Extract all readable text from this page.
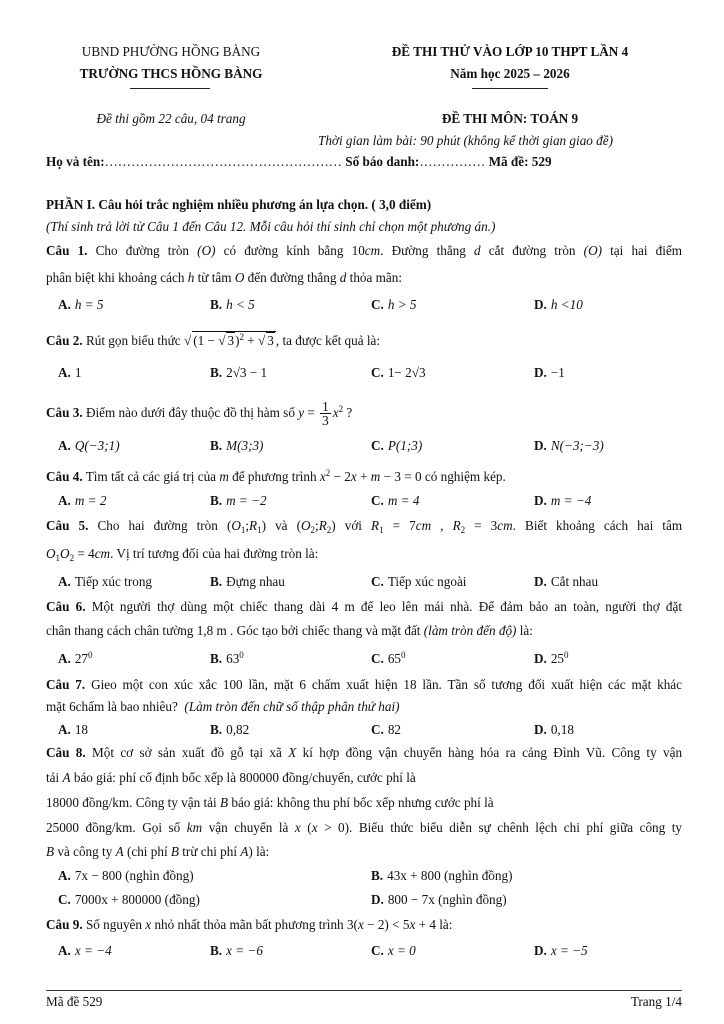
UBND PHƯỜNG HỒNG BÀNG
TRƯỜNG THCS HỒNG BÀNG
ĐỀ THI THỬ VÀO LỚP 10 THPT LẦN 4
Năm học 2025 – 2026
Đề thi gồm 22 câu, 04 trang	ĐỀ THI MÔN: TOÁN 9
Thời gian làm bài: 90 phút (không kể thời gian giao đề)
Họ và tên:……………………………………………… Số báo danh:…………… Mã đề: 529
PHẦN I. Câu hỏi trắc nghiệm nhiều phương án lựa chọn. ( 3,0 điểm)
(Thí sinh trả lời từ Câu 1 đến Câu 12. Mỗi câu hỏi thí sinh chỉ chọn một phương án.)
Câu 1. Cho đường tròn (O) có đường kính bằng 10cm. Đường thẳng d cắt đường tròn (O) tại hai điểm
phân biệt khi khoảng cách h từ tâm O đến đường thẳng d thỏa mãn:
A. h = 5	B. h < 5	C. h > 5	D. h <10
Câu 2. Rút gọn biểu thức √ (1 − √ 3)$^2$ + √ 3 , ta được kết quả là:
A. 1	B. 2√3 − 1	C. 1− 2√3	D. −1
Câu 3. Điểm nào dưới đây thuộc đồ thị hàm số $y = \frac{1}{3} x^2$ ?
A. Q(−3;1)	B. M(3;3)	C. P(1;3)	D. N(−3;−3)
Câu 4. Tìm tất cả các giá trị của m để phương trình $x^2 - 2x + m - 3 = 0$ có nghiệm kép.
A. m = 2	B. m = −2	C. m = 4	D. m = −4
Câu 5. Cho hai đường tròn $(O_1;R_1)$ và $(O_2;R_2)$ với $R_1 = 7cm$ , $R_2 = 3cm$. Biết khoảng cách hai tâm
$O_1O_2 = 4cm$. Vị trí tương đối của hai đường tròn là:
A. Tiếp xúc trong	B. Đựng nhau	C. Tiếp xúc ngoài	D. Cắt nhau
Câu 6. Một người thợ dùng một chiếc thang dài 4 m để leo lên mái nhà. Để đảm bảo an toàn, người thợ đặt
chân thang cách chân tường 1,8 m . Góc tạo bởi chiếc thang và mặt đất (làm tròn đến độ) là:
A. $27^0$	B. $63^0$	C. $65^0$	D. $25^0$
Câu 7. Gieo một con xúc xắc 100 lần, mặt 6 chấm xuất hiện 18 lần. Tần số tương đối xuất hiện các mặt khác
mặt 6chấm là bao nhiêu? (Làm tròn đến chữ số thập phân thứ hai)
A. 18	B. 0,82	C. 82	D. 0,18
Câu 8. Một cơ sở sản xuất đồ gỗ tại xã X kí hợp đồng vận chuyển hàng hóa ra cảng Đình Vũ. Công ty vận
tải A báo giá: phí cố định bốc xếp là 800000 đồng/chuyến, cước phí là
18000 đồng/km. Công ty vận tải B báo giá: không thu phí bốc xếp nhưng cước phí là
25000 đồng/km. Gọi số km vận chuyển là x (x > 0). Biểu thức biểu diễn sự chênh lệch chi phí giữa công ty
B và công ty A (chi phí B trừ chi phí A) là:
A. 7x − 800 (nghìn đồng)	B. 43x + 800 (nghìn đồng)
C. 7000x + 800000 (đồng)	D. 800 − 7x (nghìn đồng)
Câu 9. Số nguyên x nhỏ nhất thỏa mãn bất phương trình 3(x − 2) < 5x + 4 là:
A. x = −4	B. x = −6	C. x = 0	D. x = −5
Mã đề 529	Trang 1/4
